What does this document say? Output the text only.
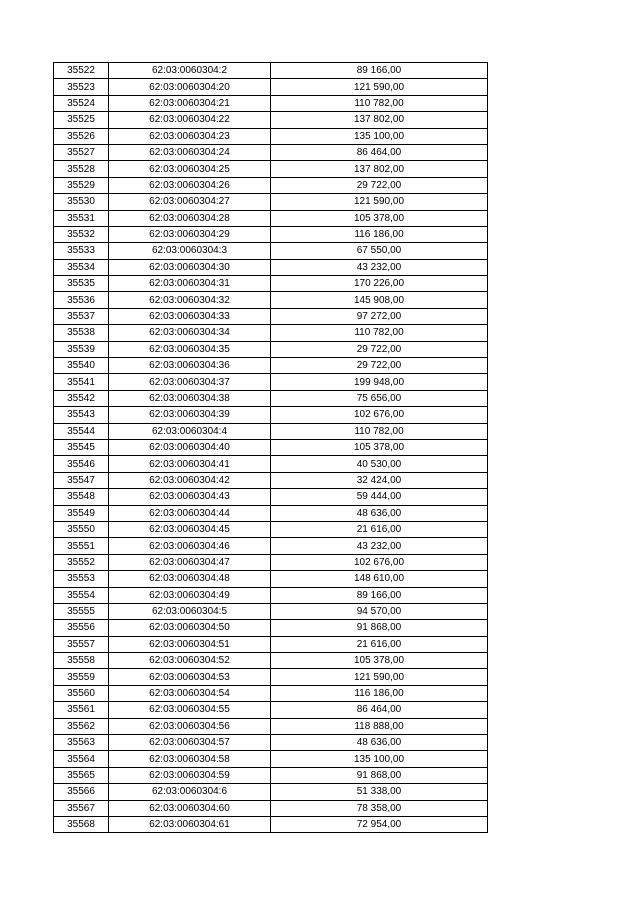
35522	62:03:0060304:2	89 166,00
35523	62:03:0060304:20	121 590,00
35524	62:03:0060304:21	110 782,00
35525	62:03:0060304:22	137 802,00
35526	62:03:0060304:23	135 100,00
35527	62:03:0060304:24	86 464,00
35528	62:03:0060304:25	137 802,00
35529	62:03:0060304:26	29 722,00
35530	62:03:0060304:27	121 590,00
35531	62:03:0060304:28	105 378,00
35532	62:03:0060304:29	116 186,00
35533	62:03:0060304:3	67 550,00
35534	62:03:0060304:30	43 232,00
35535	62:03:0060304:31	170 226,00
35536	62:03:0060304:32	145 908,00
35537	62:03:0060304:33	97 272,00
35538	62:03:0060304:34	110 782,00
35539	62:03:0060304:35	29 722,00
35540	62:03:0060304:36	29 722,00
35541	62:03:0060304:37	199 948,00
35542	62:03:0060304:38	75 656,00
35543	62:03:0060304:39	102 676,00
35544	62:03:0060304:4	110 782,00
35545	62:03:0060304:40	105 378,00
35546	62:03:0060304:41	40 530,00
35547	62:03:0060304:42	32 424,00
35548	62:03:0060304:43	59 444,00
35549	62:03:0060304:44	48 636,00
35550	62:03:0060304:45	21 616,00
35551	62:03:0060304:46	43 232,00
35552	62:03:0060304:47	102 676,00
35553	62:03:0060304:48	148 610,00
35554	62:03:0060304:49	89 166,00
35555	62:03:0060304:5	94 570,00
35556	62:03:0060304:50	91 868,00
35557	62:03:0060304:51	21 616,00
35558	62:03:0060304:52	105 378,00
35559	62:03:0060304:53	121 590,00
35560	62:03:0060304:54	116 186,00
35561	62:03:0060304:55	86 464,00
35562	62:03:0060304:56	118 888,00
35563	62:03:0060304:57	48 636,00
35564	62:03:0060304:58	135 100,00
35565	62:03:0060304:59	91 868,00
35566	62:03:0060304:6	51 338,00
35567	62:03:0060304:60	78 358,00
35568	62:03:0060304:61	72 954,00
